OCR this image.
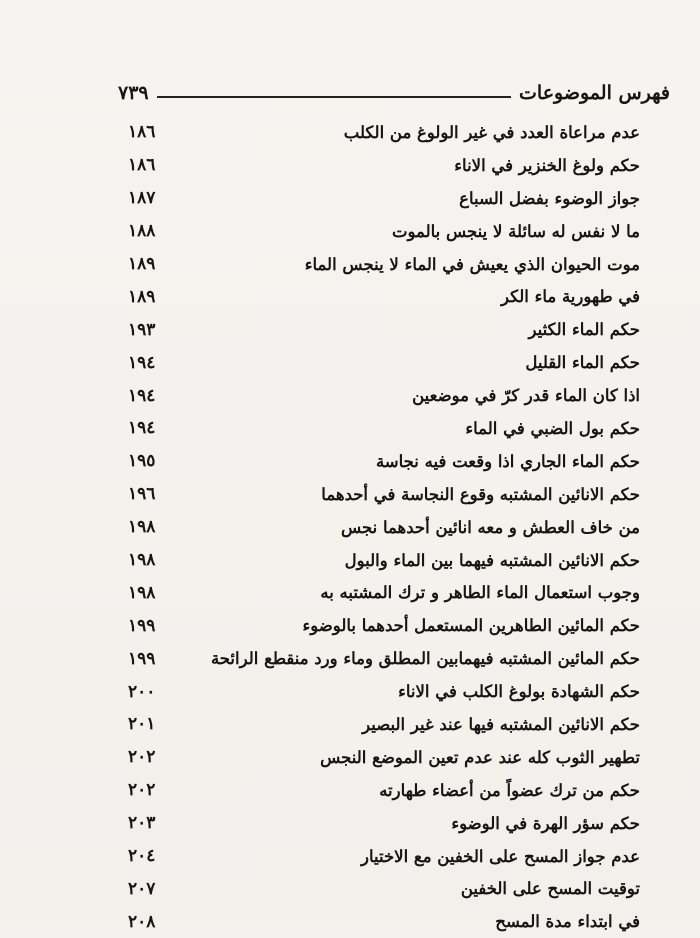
فهرس الموضوعات
٧٣٩
عدم مراعاة العدد في غير الولوغ من الكلب
١٨٦
حكم ولوغ الخنزير في الاناء
١٨٦
جواز الوضوء بفضل السباع
١٨٧
ما لا نفس له سائلة لا ينجس بالموت
١٨٨
موت الحيوان الذي يعيش في الماء لا ينجس الماء
١٨٩
في طهورية ماء الكر
١٨٩
حكم الماء الكثير
١٩٣
حكم الماء القليل
١٩٤
اذا كان الماء قدر كرّ في موضعين
١٩٤
حكم بول الضبي في الماء
١٩٤
حكم الماء الجاري اذا وقعت فيه نجاسة
١٩٥
حكم الانائين المشتبه وقوع النجاسة في أحدهما
١٩٦
من خاف العطش و معه انائين أحدهما نجس
١٩٨
حكم الانائين المشتبه فيهما بين الماء والبول
١٩٨
وجوب استعمال الماء الطاهر و ترك المشتبه به
١٩٨
حكم المائين الطاهرين المستعمل أحدهما بالوضوء
١٩٩
حكم المائين المشتبه فيهمابين المطلق وماء ورد منقطع الرائحة
١٩٩
حكم الشهادة بولوغ الكلب في الاناء
٢٠٠
حكم الانائين المشتبه فيها عند غير البصير
٢٠١
تطهير الثوب كله عند عدم تعين الموضع النجس
٢٠٢
حكم من ترك عضواً من أعضاء طهارته
٢٠٢
حكم سؤر الهرة في الوضوء
٢٠٣
عدم جواز المسح على الخفين مع الاختيار
٢٠٤
توقيت المسح على الخفين
٢٠٧
في ابتداء مدة المسح
٢٠٨
